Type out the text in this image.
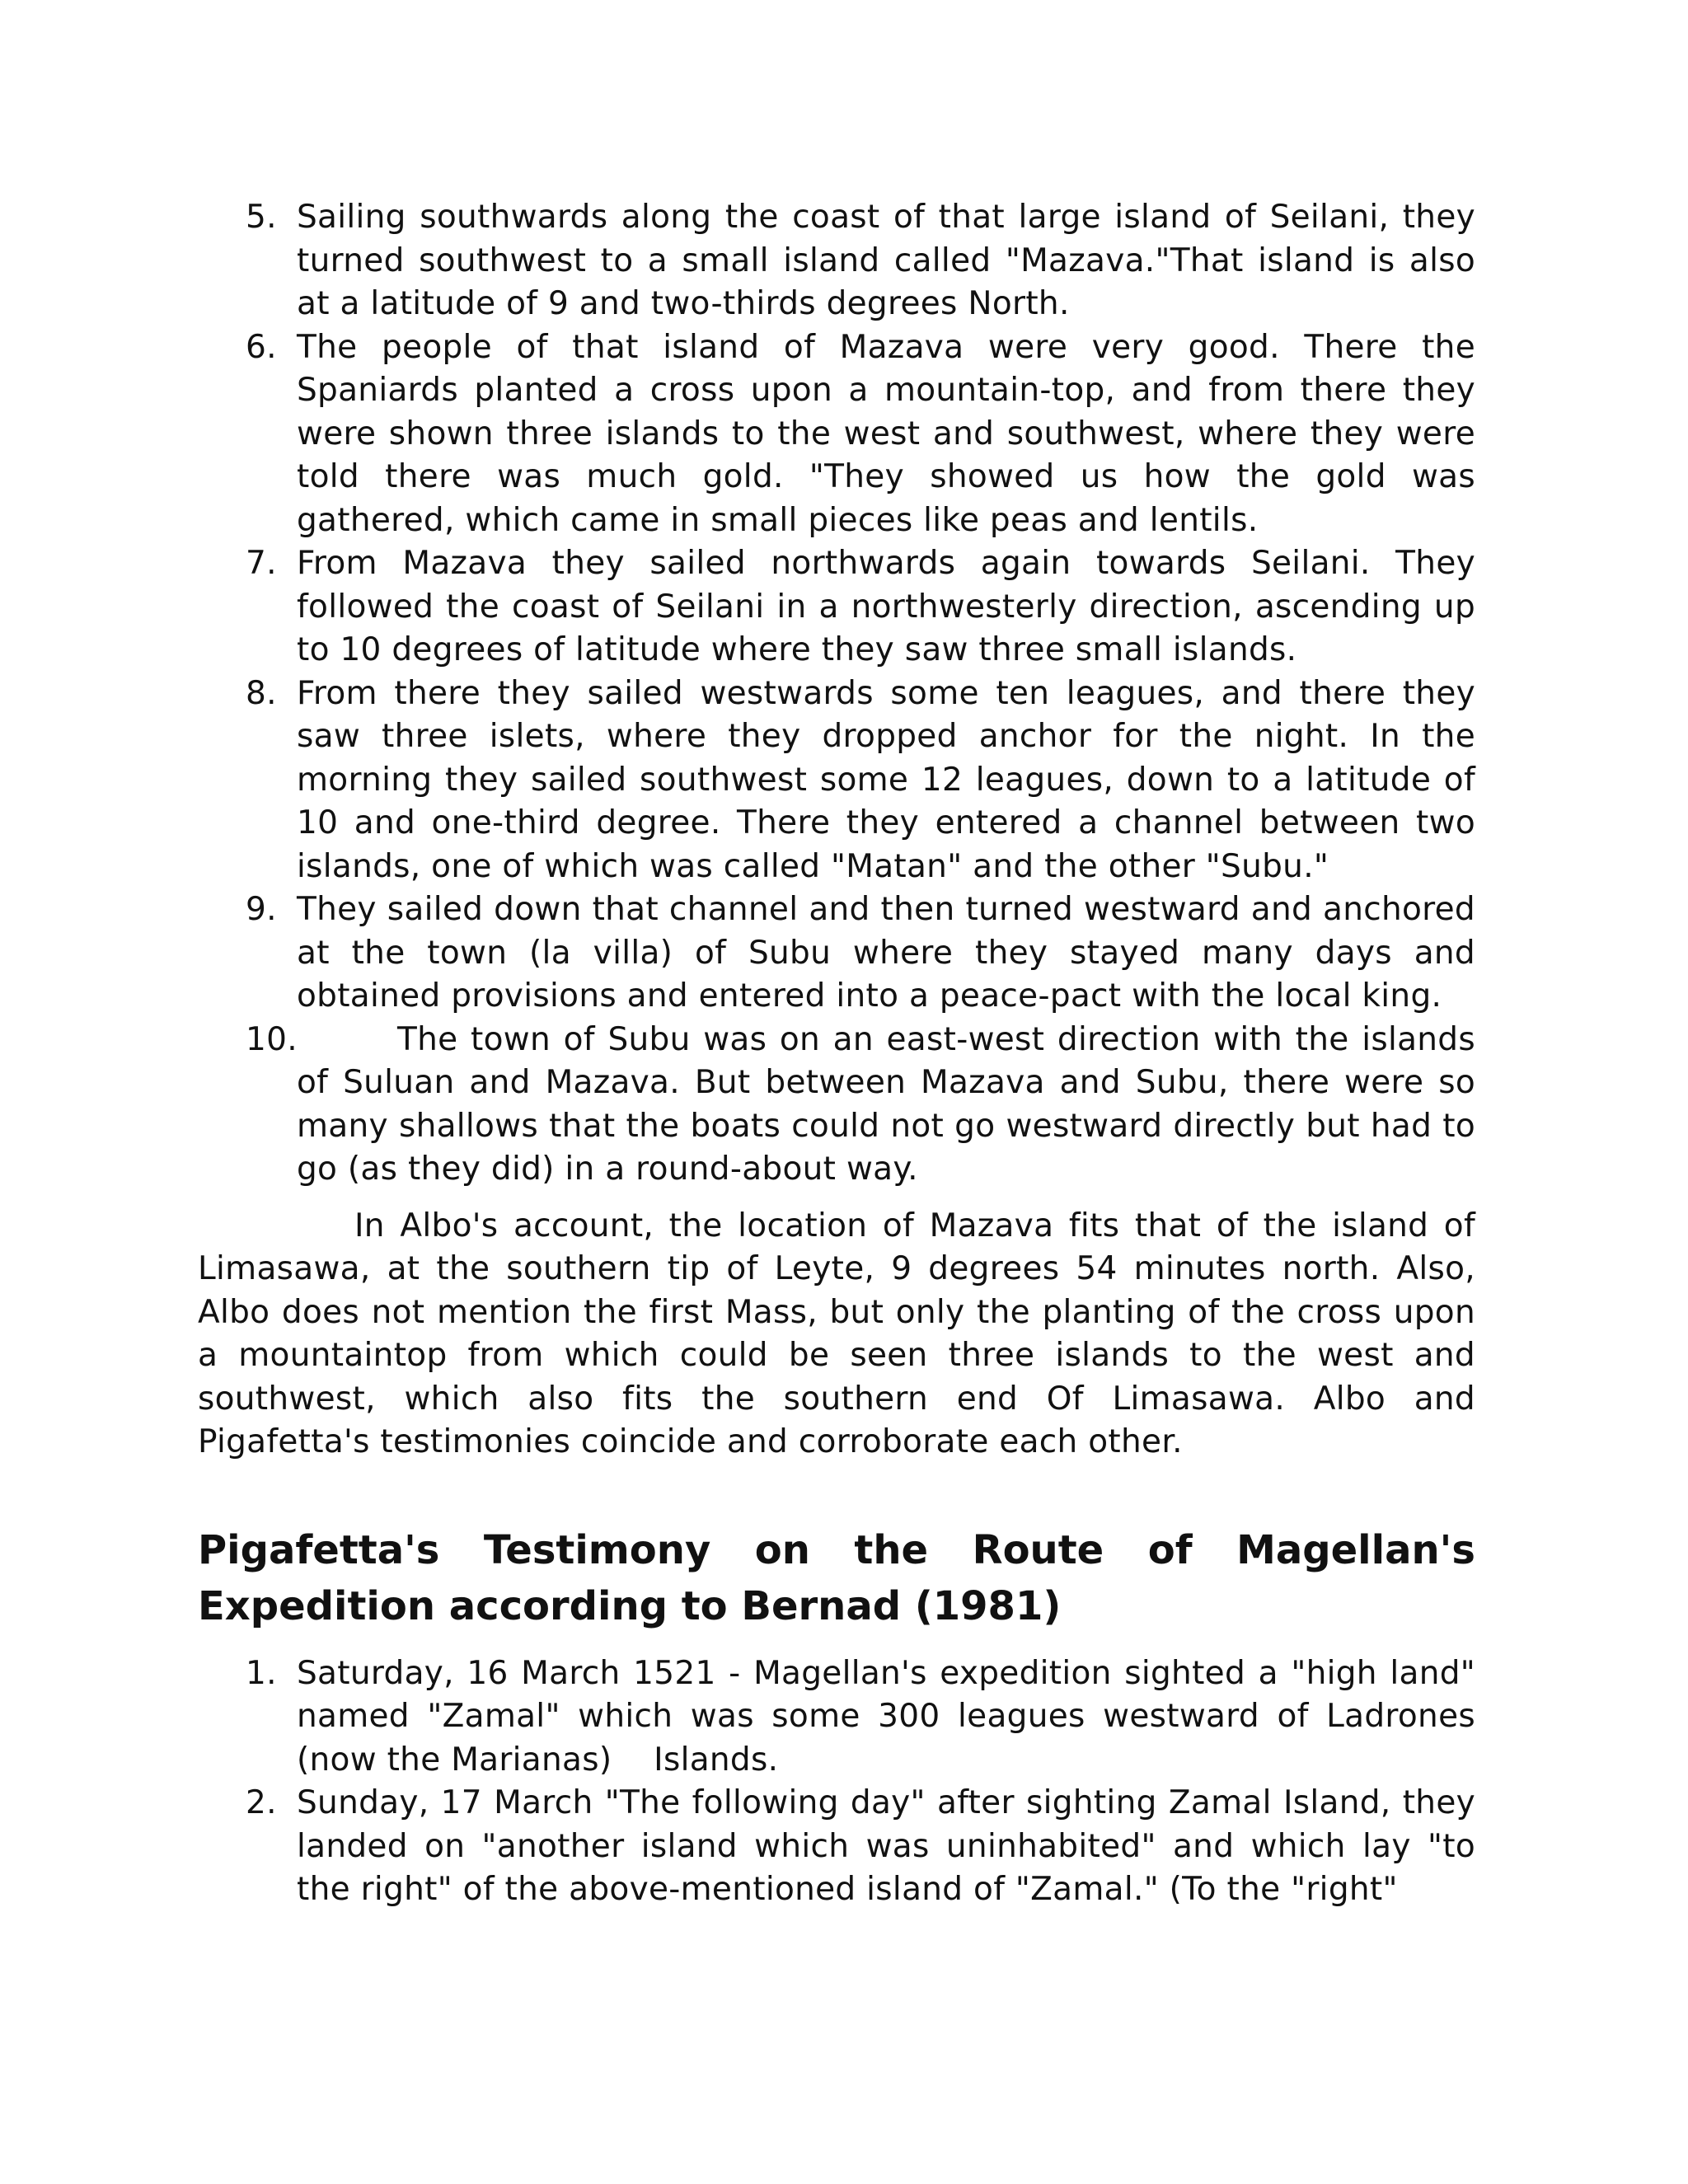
5. Sailing southwards along the coast of that large island of Seilani, they turned southwest to a small island called "Mazava."That island is also at a latitude of 9 and two-thirds degrees North.
6. The people of that island of Mazava were very good. There the Spaniards planted a cross upon a mountain-top, and from there they were shown three islands to the west and southwest, where they were told there was much gold. "They showed us how the gold was gathered, which came in small pieces like peas and lentils.
7. From Mazava they sailed northwards again towards Seilani. They followed the coast of Seilani in a northwesterly direction, ascending up to 10 degrees of latitude where they saw three small islands.
8. From there they sailed westwards some ten leagues, and there they saw three islets, where they dropped anchor for the night. In the morning they sailed southwest some 12 leagues, down to a latitude of 10 and one-third degree. There they entered a channel between two islands, one of which was called "Matan" and the other "Subu."
9. They sailed down that channel and then turned westward and anchored at the town (la villa) of Subu where they stayed many days and obtained provisions and entered into a peace-pact with the local king.
10.	The town of Subu was on an east-west direction with the islands of Suluan and Mazava. But between Mazava and Subu, there were so many shallows that the boats could not go westward directly but had to go (as they did) in a round-about way.

In Albo's account, the location of Mazava fits that of the island of Limasawa, at the southern tip of Leyte, 9 degrees 54 minutes north. Also, Albo does not mention the first Mass, but only the planting of the cross upon a mountaintop from which could be seen three islands to the west and southwest, which also fits the southern end Of Limasawa. Albo and Pigafetta's testimonies coincide and corroborate each other.

Pigafetta's Testimony on the Route of Magellan's
Expedition according to Bernad (1981)
1. Saturday, 16 March 1521 - Magellan's expedition sighted a "high land" named "Zamal" which was some 300 leagues westward of Ladrones (now the Marianas)    Islands.
2. Sunday, 17 March "The following day" after sighting Zamal Island, they landed on "another island which was uninhabited" and which lay "to the right" of the above-mentioned island of "Zamal." (To the "right"
